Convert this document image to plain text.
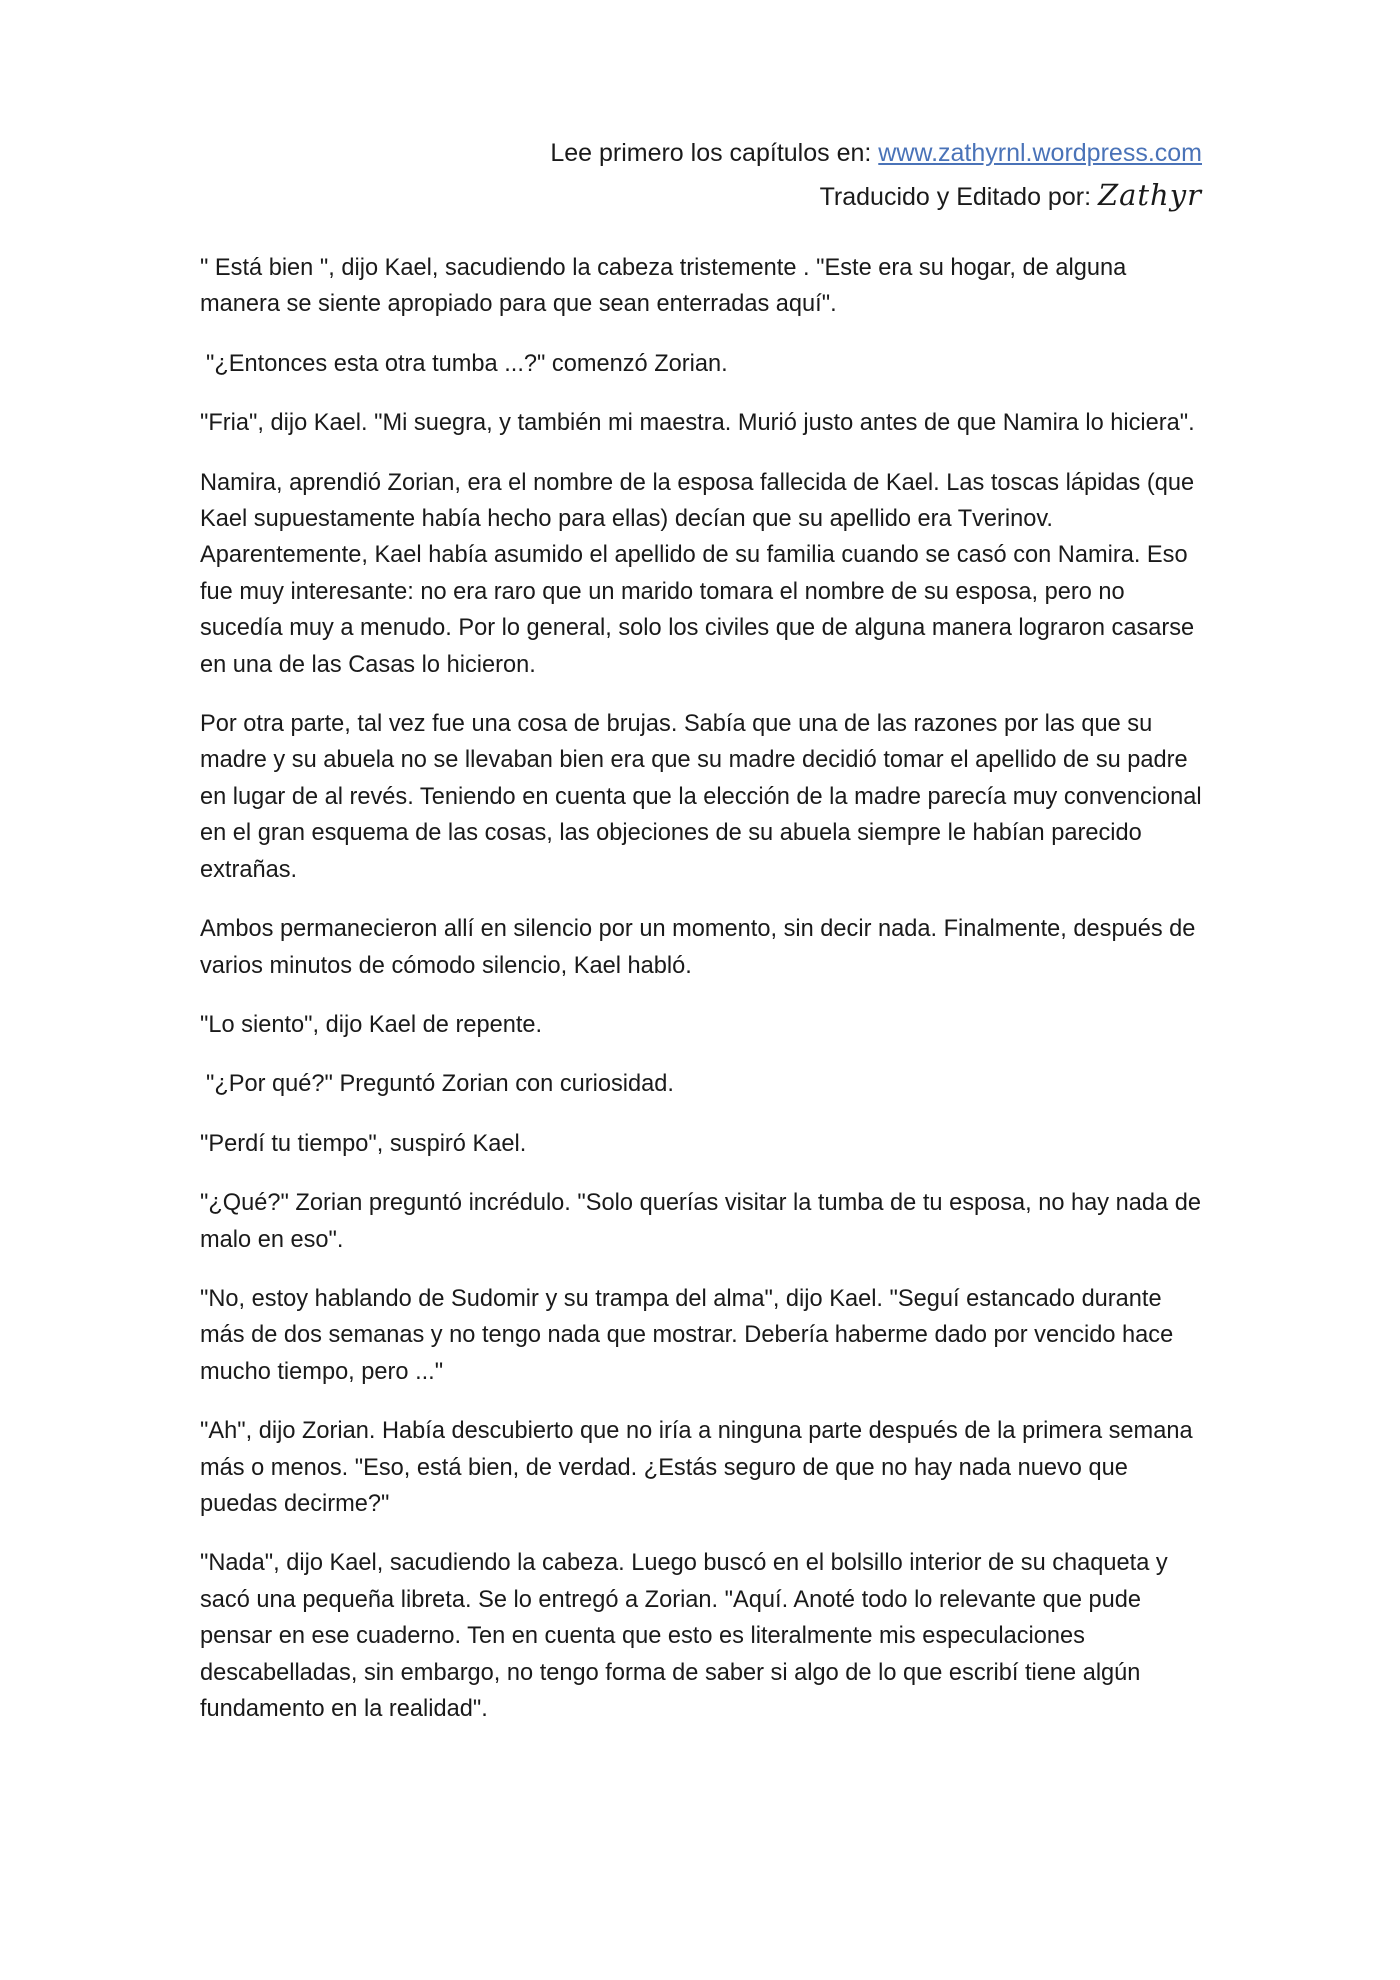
Lee primero los capítulos en: www.zathyrnl.wordpress.com
Traducido y Editado por: Zathyr

" Está bien ", dijo Kael, sacudiendo la cabeza tristemente . "Este era su hogar, de alguna manera se siente apropiado para que sean enterradas aquí".

"¿Entonces esta otra tumba ...?" comenzó Zorian.

"Fria", dijo Kael. "Mi suegra, y también mi maestra. Murió justo antes de que Namira lo hiciera".

Namira, aprendió Zorian, era el nombre de la esposa fallecida de Kael. Las toscas lápidas (que Kael supuestamente había hecho para ellas) decían que su apellido era Tverinov. Aparentemente, Kael había asumido el apellido de su familia cuando se casó con Namira. Eso fue muy interesante: no era raro que un marido tomara el nombre de su esposa, pero no sucedía muy a menudo. Por lo general, solo los civiles que de alguna manera lograron casarse en una de las Casas lo hicieron.

Por otra parte, tal vez fue una cosa de brujas. Sabía que una de las razones por las que su madre y su abuela no se llevaban bien era que su madre decidió tomar el apellido de su padre en lugar de al revés. Teniendo en cuenta que la elección de la madre parecía muy convencional en el gran esquema de las cosas, las objeciones de su abuela siempre le habían parecido extrañas.

Ambos permanecieron allí en silencio por un momento, sin decir nada. Finalmente, después de varios minutos de cómodo silencio, Kael habló.

"Lo siento", dijo Kael de repente.

"¿Por qué?" Preguntó Zorian con curiosidad.

"Perdí tu tiempo", suspiró Kael.

"¿Qué?" Zorian preguntó incrédulo. "Solo querías visitar la tumba de tu esposa, no hay nada de malo en eso".

"No, estoy hablando de Sudomir y su trampa del alma", dijo Kael. "Seguí estancado durante más de dos semanas y no tengo nada que mostrar. Debería haberme dado por vencido hace mucho tiempo, pero ..."

"Ah", dijo Zorian. Había descubierto que no iría a ninguna parte después de la primera semana más o menos. "Eso, está bien, de verdad. ¿Estás seguro de que no hay nada nuevo que puedas decirme?"

"Nada", dijo Kael, sacudiendo la cabeza. Luego buscó en el bolsillo interior de su chaqueta y sacó una pequeña libreta. Se lo entregó a Zorian. "Aquí. Anoté todo lo relevante que pude pensar en ese cuaderno. Ten en cuenta que esto es literalmente mis especulaciones descabelladas, sin embargo, no tengo forma de saber si algo de lo que escribí tiene algún fundamento en la realidad".
